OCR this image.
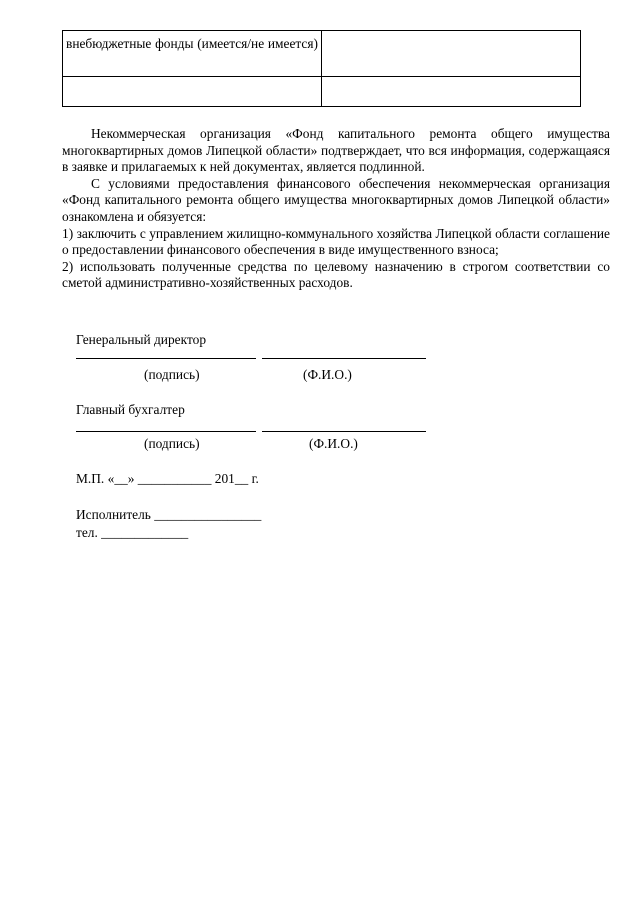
внебюджетные фонды (имеется/не имеется)	

Некоммерческая организация «Фонд капитального ремонта общего имущества многоквартирных домов Липецкой области» подтверждает, что вся информация, содержащаяся в заявке и прилагаемых к ней документах, является подлинной.

С условиями предоставления финансового обеспечения некоммерческая организация «Фонд капитального ремонта общего имущества многоквартирных домов Липецкой области» ознакомлена и обязуется:

1) заключить с управлением жилищно-коммунального хозяйства Липецкой области соглашение о предоставлении финансового обеспечения в виде имущественного взноса;

2) использовать полученные средства по целевому назначению в строгом соответствии со сметой административно-хозяйственных расходов.

Генеральный директор
(подпись)	(Ф.И.О.)
Главный бухгалтер
(подпись)	(Ф.И.О.)
М.П. «__» ___________ 201__ г.
Исполнитель ________________
тел. _____________
